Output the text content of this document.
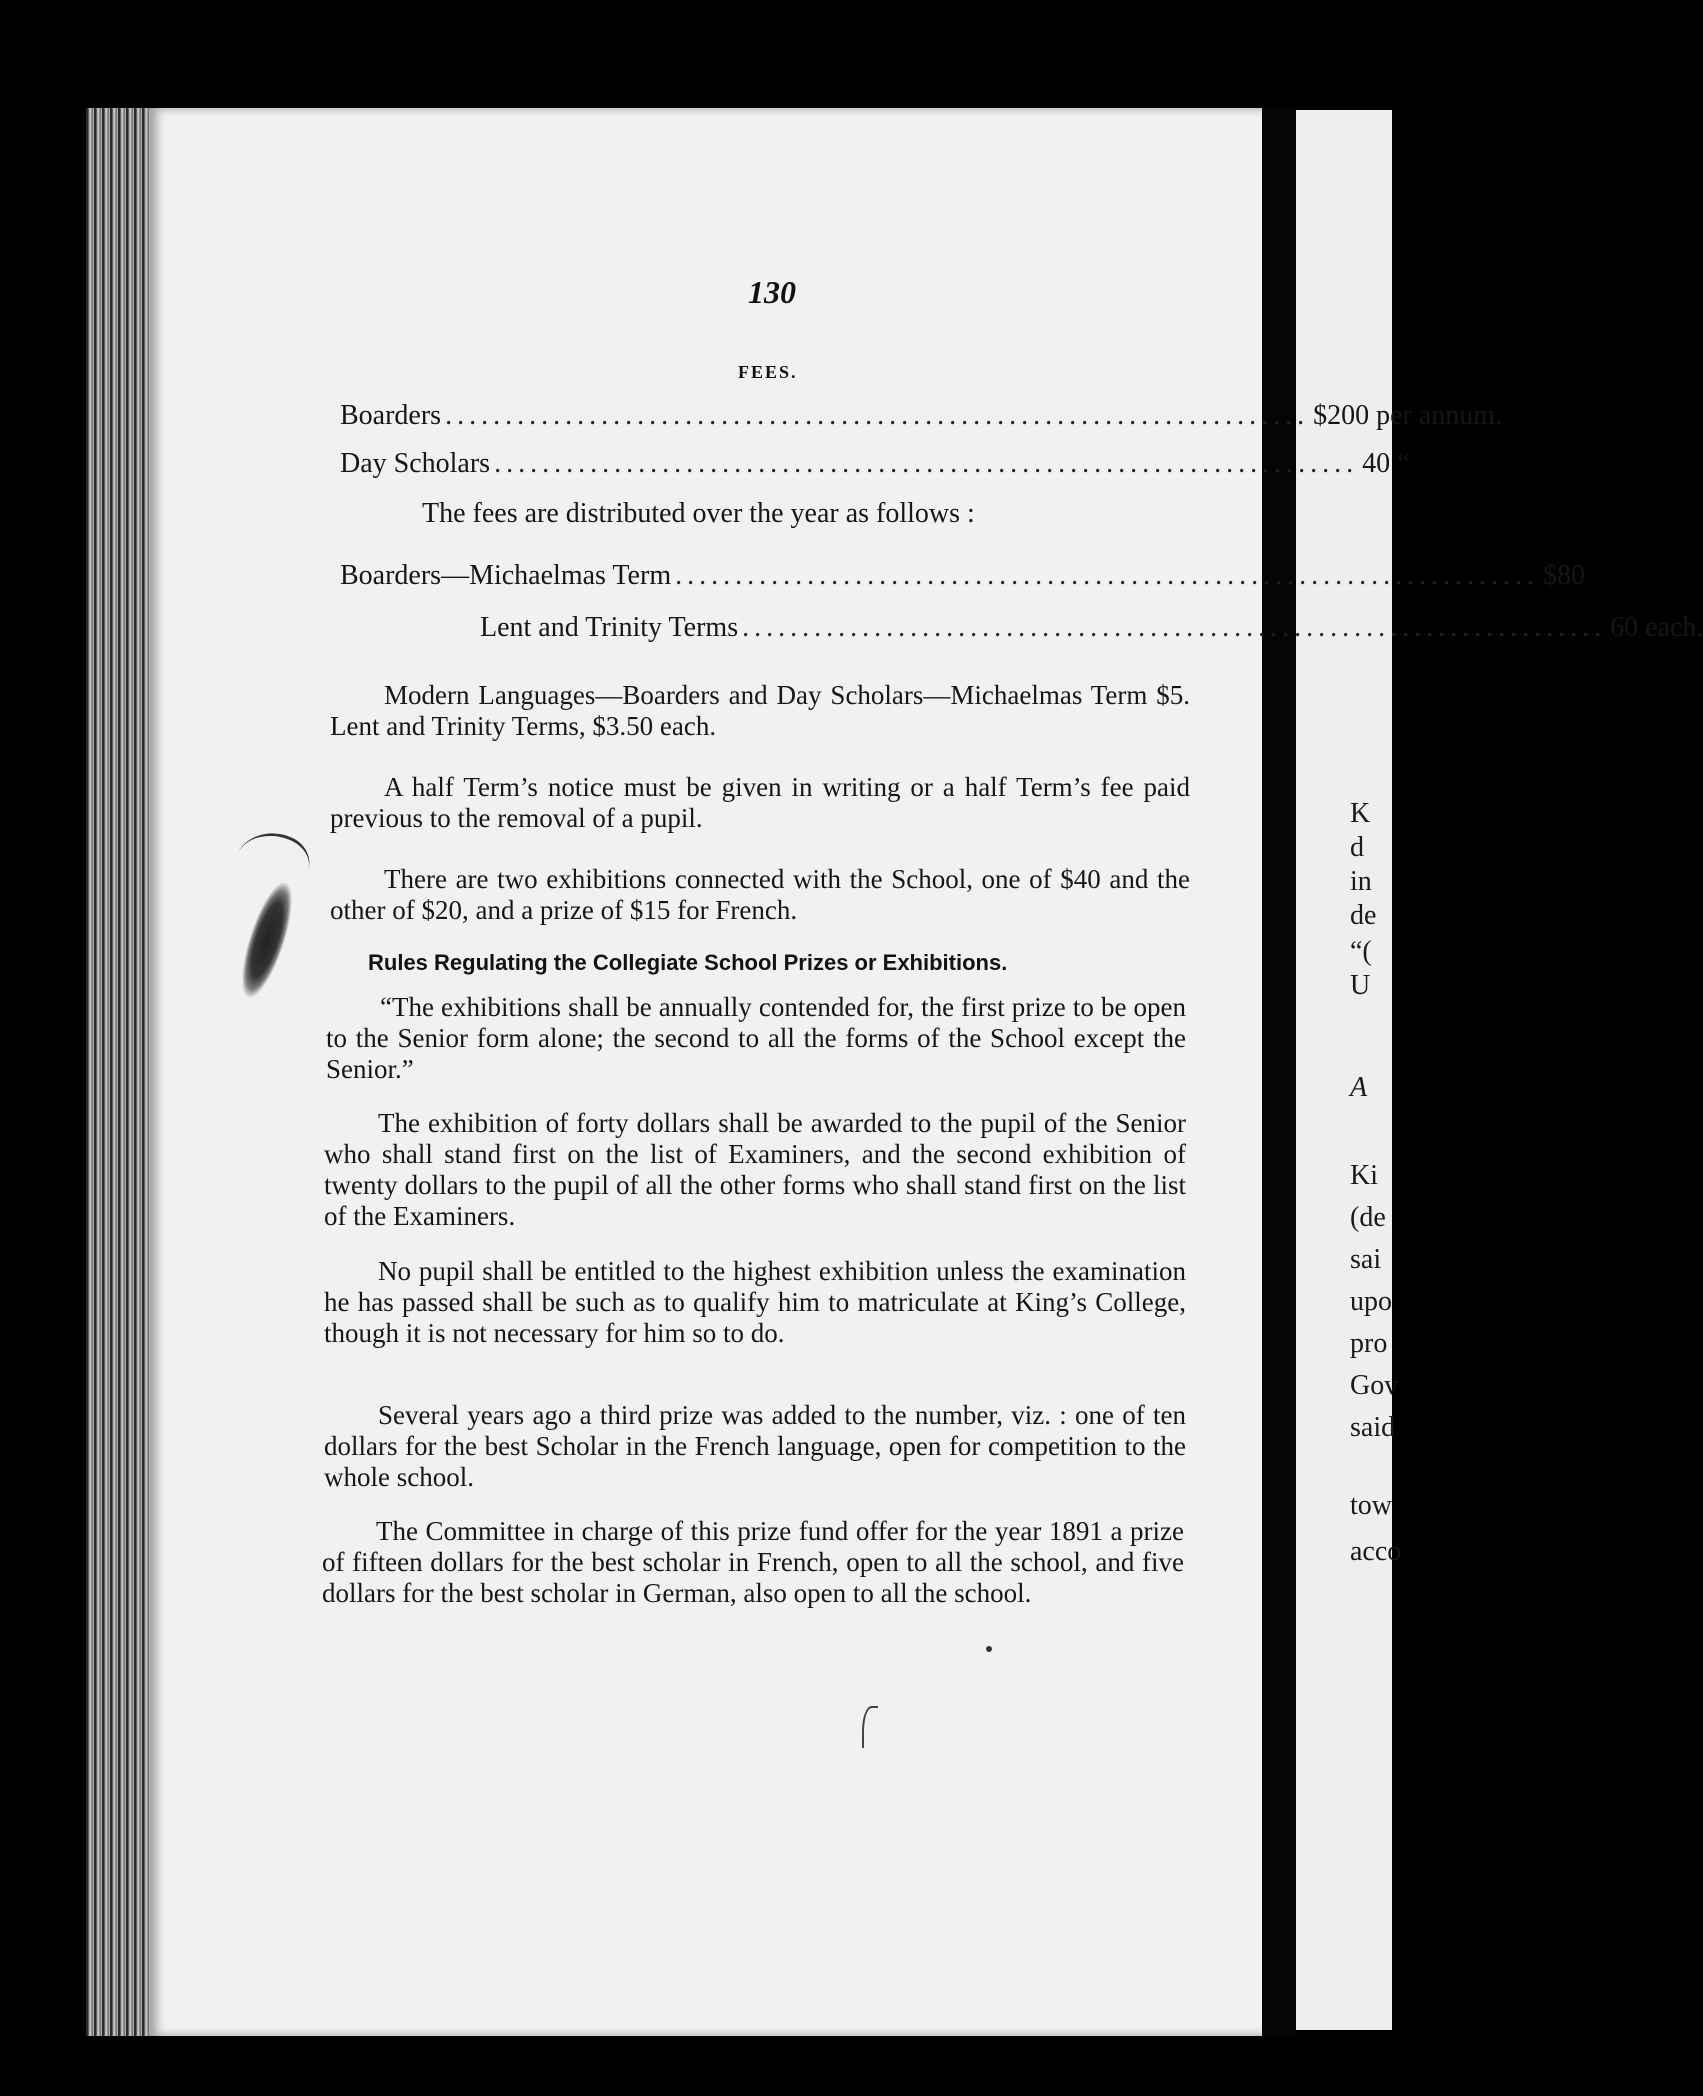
K
d
in
de
“(
U
A
Ki
(de
sai
upo
pro
Gov
said
tow
acco
130
FEES.
Boarders ........................................................................ $200 per annum.
Day Scholars ........................................................................ 40 “
The fees are distributed over the year as follows :
Boarders—Michaelmas Term ........................................................................ $80
Lent and Trinity Terms ........................................................................ 60 each.
Modern Languages—Boarders and Day Scholars—Michaelmas Term $5. Lent and Trinity Terms, $3.50 each.
A half Term’s notice must be given in writing or a half Term’s fee paid previous to the removal of a pupil.
There are two exhibitions connected with the School, one of $40 and the other of $20, and a prize of $15 for French.
Rules Regulating the Collegiate School Prizes or Exhibitions.
“The exhibitions shall be annually contended for, the first prize to be open to the Senior form alone; the second to all the forms of the School except the Senior.”
The exhibition of forty dollars shall be awarded to the pupil of the Senior who shall stand first on the list of Examiners, and the second exhibition of twenty dollars to the pupil of all the other forms who shall stand first on the list of the Examiners.
No pupil shall be entitled to the highest exhibition unless the examination he has passed shall be such as to qualify him to matriculate at King’s College, though it is not necessary for him so to do.
Several years ago a third prize was added to the number, viz. : one of ten dollars for the best Scholar in the French language, open for competition to the whole school.
The Committee in charge of this prize fund offer for the year 1891 a prize of fifteen dollars for the best scholar in French, open to all the school, and five dollars for the best scholar in German, also open to all the school.
